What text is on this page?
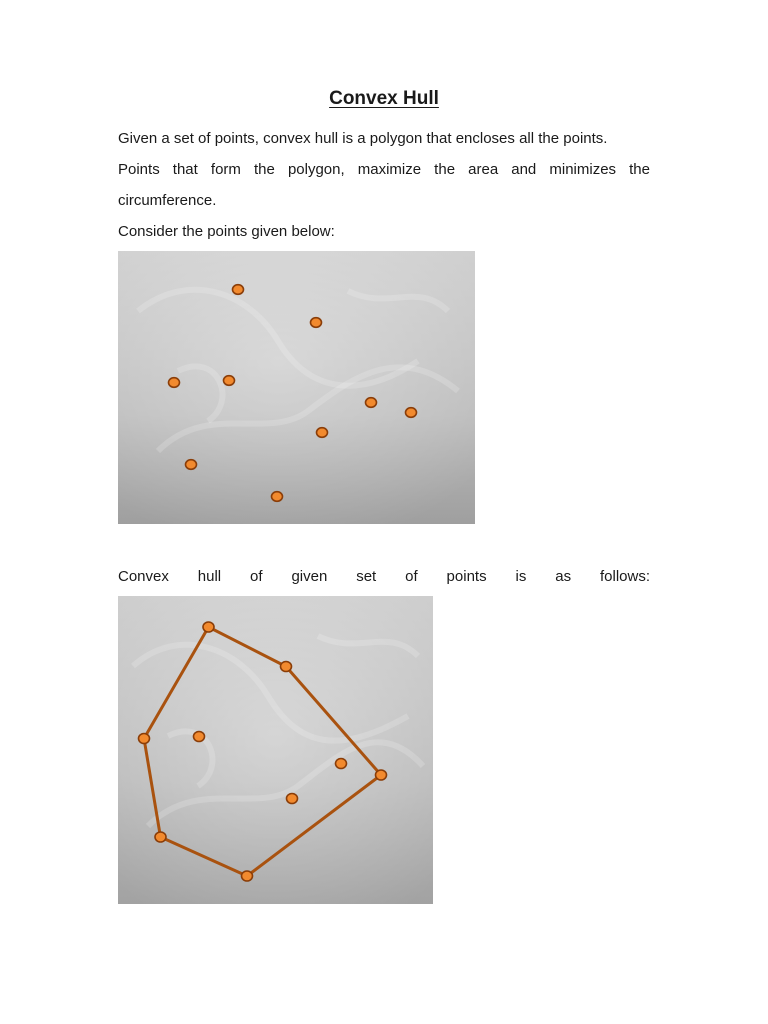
Convex Hull

Given a set of points, convex hull is a polygon that encloses all the points.

Points that form the polygon, maximize the area and minimizes the circumference.

Consider the points given below:

Convex hull of given set of points is as follows:
